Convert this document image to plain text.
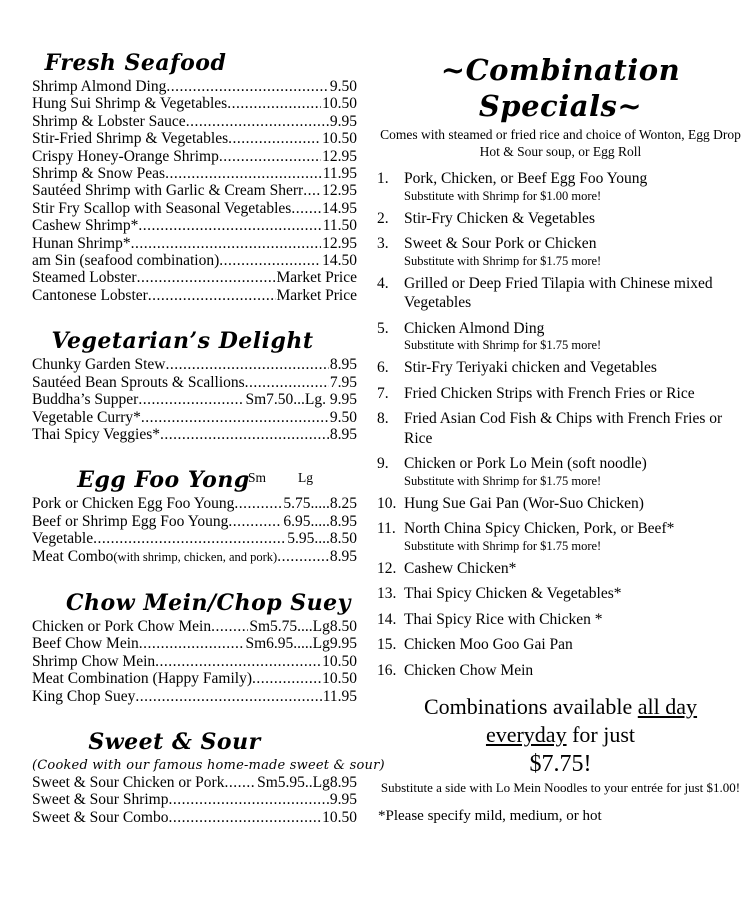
Fresh Seafood
Shrimp Almond Ding .....	9.50
Hung Sui Shrimp & Vegetables .....	10.50
Shrimp & Lobster Sauce .....	9.95
Stir-Fried Shrimp & Vegetables .....	10.50
Crispy Honey-Orange Shrimp .....	12.95
Shrimp & Snow Peas .....	11.95
Sautéed Shrimp with Garlic & Cream Sherr ..... 12.95
Stir Fry Scallop with Seasonal Vegetables ..... 14.95
Cashew Shrimp* .....	11.50
Hunan Shrimp* .....	12.95
am Sin (seafood combination) .....	14.50
Steamed Lobster .....	Market Price
Cantonese Lobster .....	Market Price
Vegetarian’s Delight
Chunky Garden Stew .....	8.95
Sautéed Bean Sprouts & Scallions .....	7.95
Buddha’s Supper .....	Sm7.50...Lg. 9.95
Vegetable Curry* .....	9.50
Thai Spicy Veggies* .....	8.95
Egg Foo Yong
Sm Lg
Pork or Chicken Egg Foo Young .....	5.75.....8.25
Beef or Shrimp Egg Foo Young .....	6.95.....8.95
Vegetable .....	5.95....8.50
Meat Combo (with shrimp, chicken, and pork) .....	8.95
Chow Mein/Chop Suey
Chicken or Pork Chow Mein ..... Sm5.75....Lg8.50
Beef Chow Mein .....	Sm6.95.....Lg9.95
Shrimp Chow Mein .....	10.50
Meat Combination (Happy Family) .....	10.50
King Chop Suey .....	11.95
Sweet & Sour
(Cooked with our famous home-made sweet & sour)
Sweet & Sour Chicken or Pork ..... Sm5.95..Lg8.95
Sweet & Sour Shrimp .....	9.95
Sweet & Sour Combo .....	10.50
~Combination Specials~
Comes with steamed or fried rice and choice of Wonton, Egg Drop
Hot & Sour soup, or Egg Roll
1. Pork, Chicken, or Beef Egg Foo Young
Substitute with Shrimp for $1.00 more!
2. Stir-Fry Chicken & Vegetables
3. Sweet & Sour Pork or Chicken
Substitute with Shrimp for $1.75 more!
4. Grilled or Deep Fried Tilapia with Chinese mixed Vegetables
5. Chicken Almond Ding
Substitute with Shrimp for $1.75 more!
6. Stir-Fry Teriyaki chicken and Vegetables
7. Fried Chicken Strips with French Fries or Rice
8. Fried Asian Cod Fish & Chips with French Fries or Rice
9. Chicken or Pork Lo Mein (soft noodle)
Substitute with Shrimp for $1.75 more!
10. Hung Sue Gai Pan (Wor-Suo Chicken)
11. North China Spicy Chicken, Pork, or Beef*
Substitute with Shrimp for $1.75 more!
12. Cashew Chicken*
13. Thai Spicy Chicken & Vegetables*
14. Thai Spicy Rice with Chicken *
15. Chicken Moo Goo Gai Pan
16. Chicken Chow Mein
Combinations available all day
everyday for just
$7.75!
Substitute a side with Lo Mein Noodles to your entrée for just $1.00!
*Please specify mild, medium, or hot
